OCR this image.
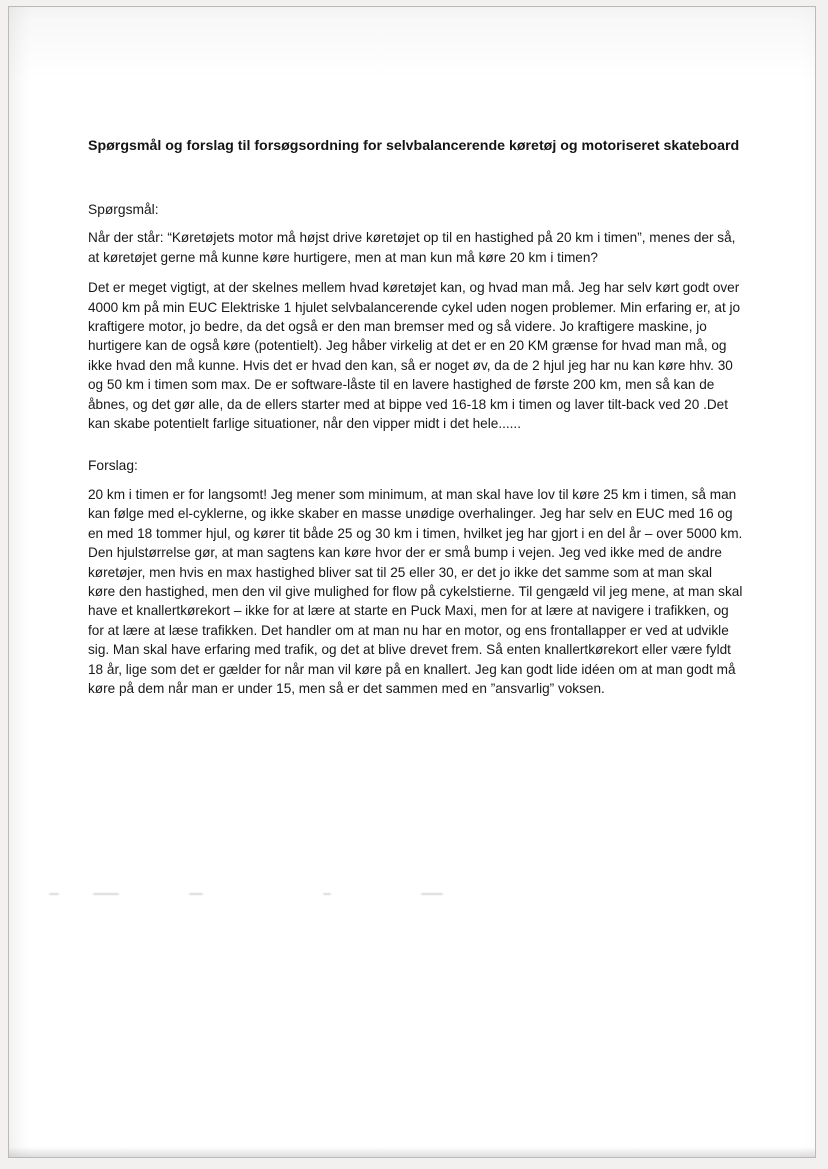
Spørgsmål og forslag til forsøgsordning for selvbalancerende køretøj og motoriseret skateboard
Spørgsmål:

Når der står: “Køretøjets motor må højst drive køretøjet op til en hastighed på 20 km i timen”, menes der så, at køretøjet gerne må kunne køre hurtigere, men at man kun må køre 20 km i timen?

Det er meget vigtigt, at der skelnes mellem hvad køretøjet kan, og hvad man må. Jeg har selv kørt godt over 4000 km på min EUC Elektriske 1 hjulet selvbalancerende cykel uden nogen problemer. Min erfaring er, at jo kraftigere motor, jo bedre, da det også er den man bremser med og så videre. Jo kraftigere maskine, jo hurtigere kan de også køre (potentielt). Jeg håber virkelig at det er en 20 KM grænse for hvad man må, og ikke hvad den må kunne. Hvis det er hvad den kan, så er noget øv, da de 2 hjul jeg har nu kan køre hhv. 30 og 50 km i timen som max. De er software-låste til en lavere hastighed de første 200 km, men så kan de åbnes, og det gør alle, da de ellers starter med at bippe ved 16-18 km i timen og laver tilt-back ved 20 .Det kan skabe potentielt farlige situationer, når den vipper midt i det hele......

Forslag:

20 km i timen er for langsomt! Jeg mener som minimum, at man skal have lov til køre 25 km i timen, så man kan følge med el-cyklerne, og ikke skaber en masse unødige overhalinger. Jeg har selv en EUC med 16 og en med 18 tommer hjul, og kører tit både 25 og 30 km i timen, hvilket jeg har gjort i en del år – over 5000 km. Den hjulstørrelse gør, at man sagtens kan køre hvor der er små bump i vejen. Jeg ved ikke med de andre køretøjer, men hvis en max hastighed bliver sat til 25 eller 30, er det jo ikke det samme som at man skal køre den hastighed, men den vil give mulighed for flow på cykelstierne. Til gengæld vil jeg mene, at man skal have et knallertkørekort – ikke for at lære at starte en Puck Maxi, men for at lære at navigere i trafikken, og for at lære at læse trafikken. Det handler om at man nu har en motor, og ens frontallapper er ved at udvikle sig. Man skal have erfaring med trafik, og det at blive drevet frem. Så enten knallertkørekort eller være fyldt 18 år, lige som det er gælder for når man vil køre på en knallert. Jeg kan godt lide idéen om at man godt må køre på dem når man er under 15, men så er det sammen med en ”ansvarlig” voksen.
